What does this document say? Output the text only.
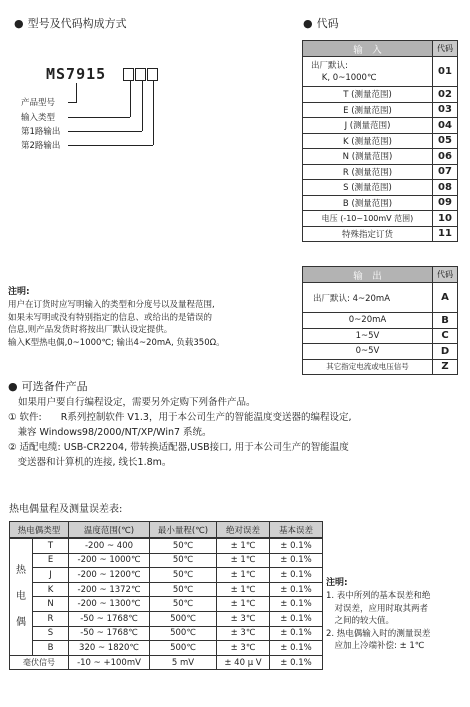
● 型号及代码构成方式
MS7915
产品型号
输入类型
第1路输出
第2路输出
● 代码
输　入	代码
出厂默认:
K, 0~1000℃	01
T (测量范围)	02
E (测量范围)	03
J (测量范围)	04
K (测量范围)	05
N (测量范围)	06
R (测量范围)	07
S (测量范围)	08
B (测量范围)	09
电压 (-10~100mV 范围)	10
特殊指定订货	11
输　出	代码
出厂默认: 4~20mA	A
0~20mA	B
1~5V	C
0~5V	D
其它指定电流或电压信号	Z
注明:
用户在订货时应写明输入的类型和分度号以及量程范围,
如果未写明或没有特别指定的信息、或给出的是错误的
信息,则产品发货时将按出厂默认设定提供。
输入K型热电偶,0~1000℃; 输出4~20mA, 负载350Ω。
● 可选备件产品
如果用户要自行编程设定，需要另外定购下列备件产品。
① 软件:　　R系列控制软件 V1.3，用于本公司生产的智能温度变送器的编程设定,
　兼容 Windows98/2000/NT/XP/Win7 系统。
② 适配电缆: USB-CR2204, 带转换适配器,USB接口, 用于本公司生产的智能温度
　变送器和计算机的连接, 线长1.8m。
热电偶量程及测量误差表:
热电偶类型	温度范围(℃)	最小量程(℃)	绝对误差	基本误差
热
电
偶	T	-200 ~ 400	50℃	± 1℃	± 0.1%
	E	-200 ~ 1000℃	50℃	± 1℃	± 0.1%
	J	-200 ~ 1200℃	50℃	± 1℃	± 0.1%
	K	-200 ~ 1372℃	50℃	± 1℃	± 0.1%
	N	-200 ~ 1300℃	50℃	± 1℃	± 0.1%
	R	-50 ~ 1768℃	500℃	± 3℃	± 0.1%
	S	-50 ~ 1768℃	500℃	± 3℃	± 0.1%
	B	320 ~ 1820℃	500℃	± 3℃	± 0.1%
毫伏信号		-10 ~ +100mV	5 mV	± 40 μ V	± 0.1%
注明:
1. 表中所列的基本误差和绝
　对误差，应用时取其两者
　之间的较大值。
2. 热电偶输入时的测量误差
　应加上冷端补偿: ± 1℃
